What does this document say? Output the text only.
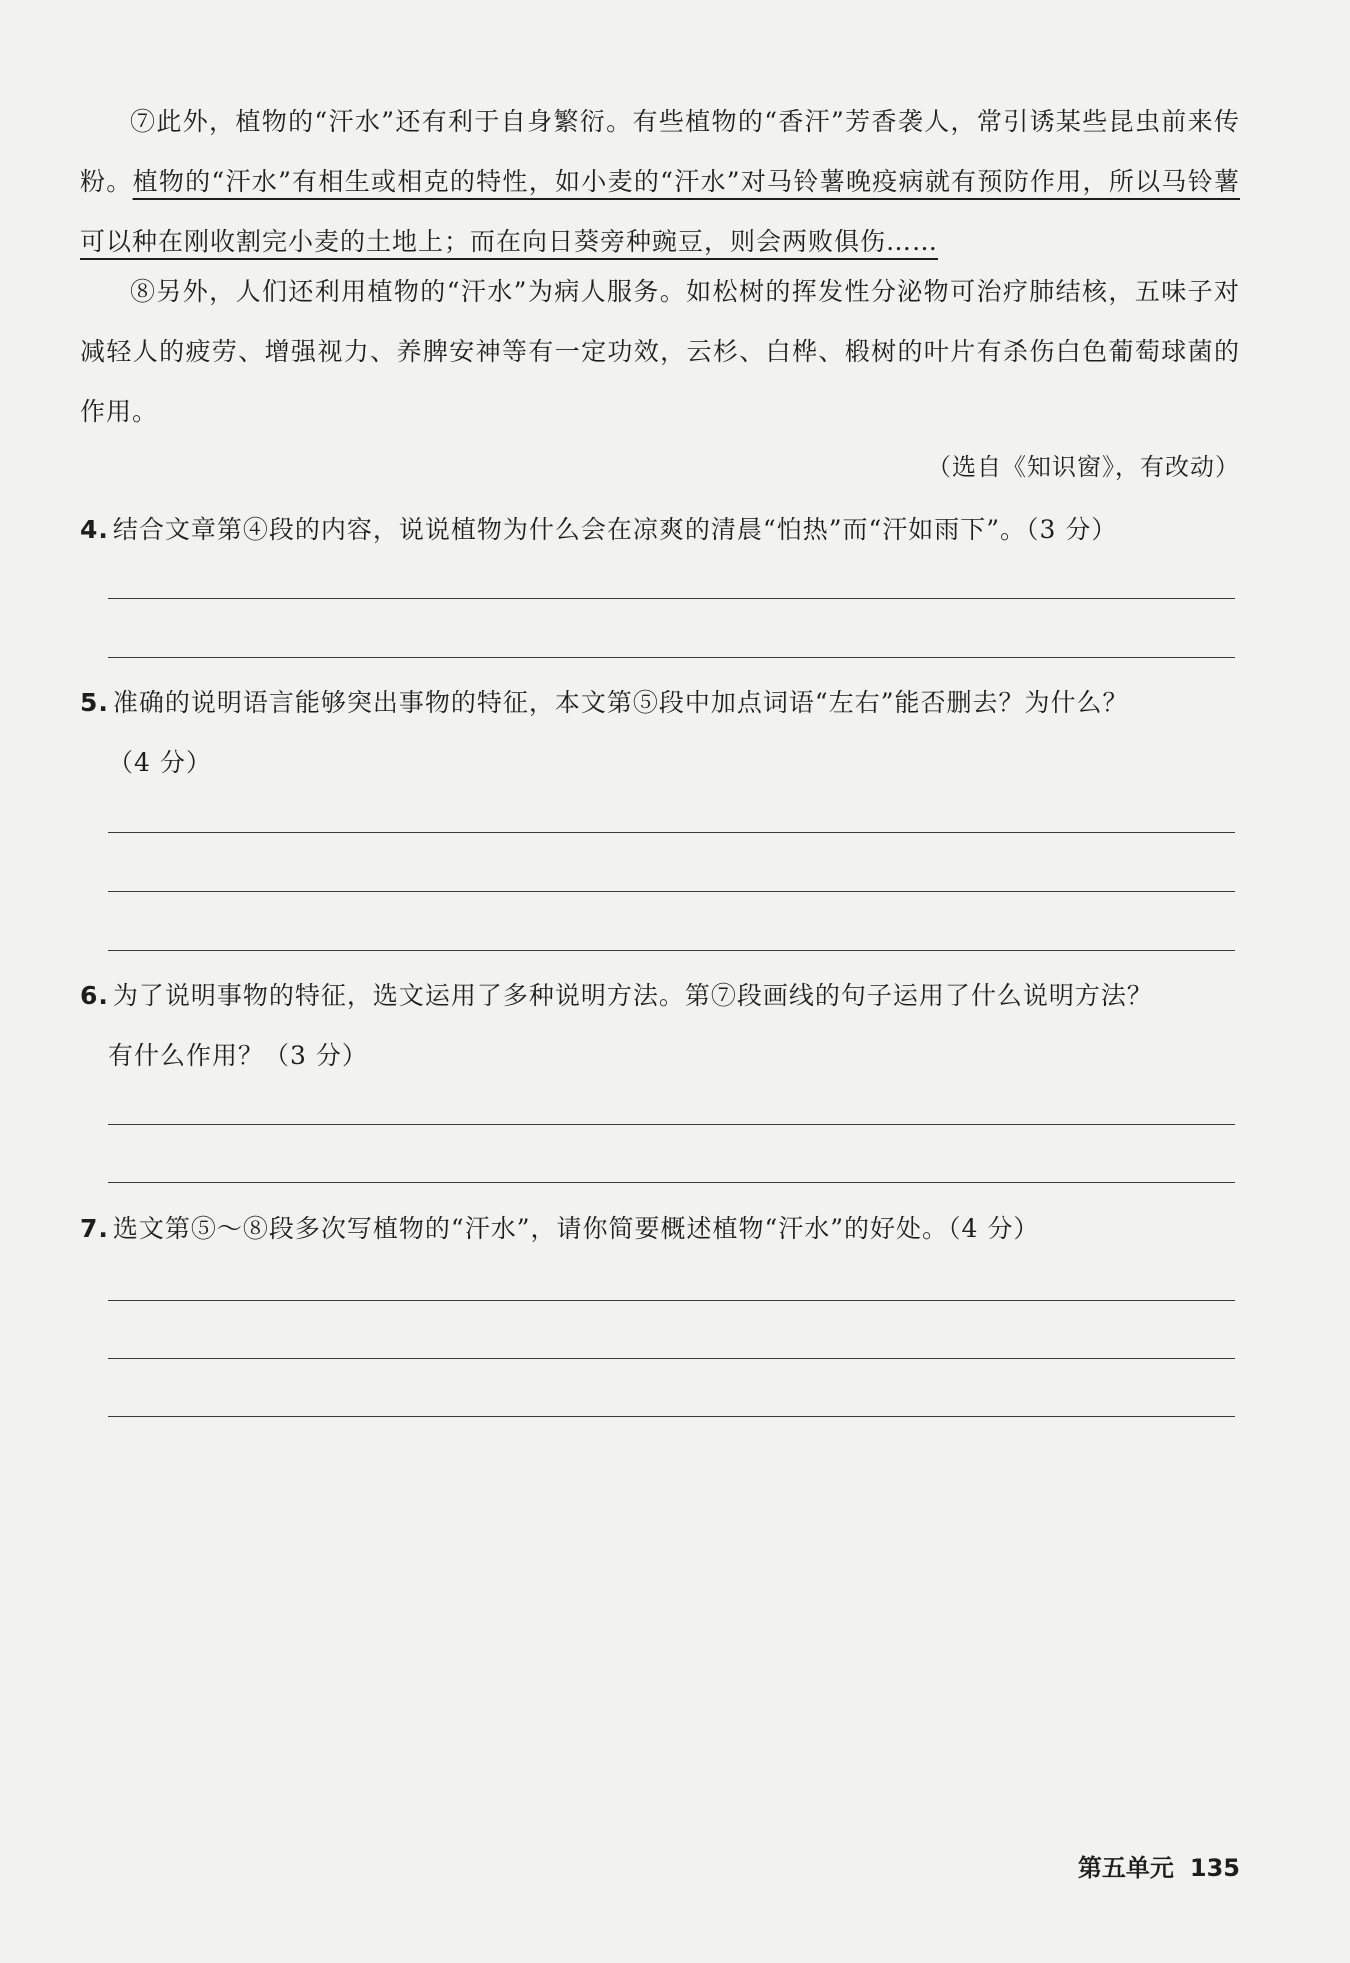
⑦此外，植物的“汗水”还有利于自身繁衍。有些植物的“香汗”芳香袭人，常引诱某些昆虫前来传粉。植物的“汗水”有相生或相克的特性，如小麦的“汗水”对马铃薯晚疫病就有预防作用，所以马铃薯可以种在刚收割完小麦的土地上；而在向日葵旁种豌豆，则会两败俱伤……
⑧另外，人们还利用植物的“汗水”为病人服务。如松树的挥发性分泌物可治疗肺结核，五味子对减轻人的疲劳、增强视力、养脾安神等有一定功效，云杉、白桦、椴树的叶片有杀伤白色葡萄球菌的作用。
（选自《知识窗》，有改动）
4. 结合文章第④段的内容，说说植物为什么会在凉爽的清晨“怕热”而“汗如雨下”。（3 分）
5. 准确的说明语言能够突出事物的特征，本文第⑤段中加点词语“左右”能否删去？为什么？
（4 分）
6. 为了说明事物的特征，选文运用了多种说明方法。第⑦段画线的句子运用了什么说明方法？
有什么作用？（3 分）
7. 选文第⑤～⑧段多次写植物的“汗水”，请你简要概述植物“汗水”的好处。（4 分）
第五单元 135
